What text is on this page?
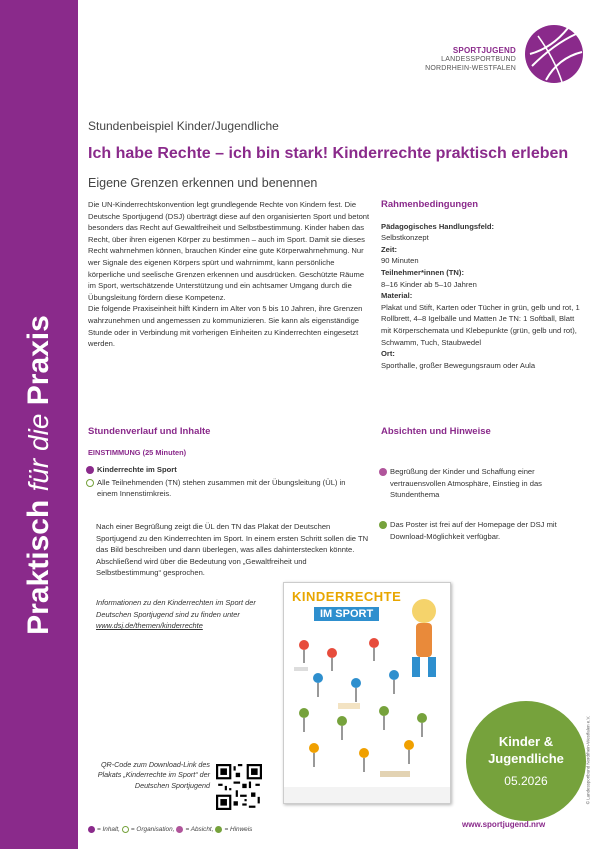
Praktisch für die Praxis
SPORTJUGEND
LANDESSPORTBUND
NORDRHEIN-WESTFALEN
Stundenbeispiel Kinder/Jugendliche
Ich habe Rechte – ich bin stark! Kinderrechte praktisch erleben
Eigene Grenzen erkennen und benennen

Die UN-Kinderrechtskonvention legt grundlegende Rechte von Kindern fest. Die Deutsche Sportjugend (DSJ) überträgt diese auf den organisierten Sport und betont besonders das Recht auf Gewaltfreiheit und Selbstbestimmung. Kinder haben das Recht, über ihren eigenen Körper zu bestimmen – auch im Sport. Damit sie dieses Recht wahrnehmen können, brauchen Kinder eine gute Körperwahrnehmung. Nur wer Signale des eigenen Körpers spürt und wahrnimmt, kann persönliche körperliche und seelische Grenzen erkennen und ausdrücken. Geschützte Räume im Sport, wertschätzende Unterstützung und ein achtsamer Umgang durch die Übungsleitung fördern diese Kompetenz.

Die folgende Praxiseinheit hilft Kindern im Alter von 5 bis 10 Jahren, ihre Grenzen wahrzunehmen und angemessen zu kommunizieren. Sie kann als eigenständige Stunde oder in Verbindung mit vorherigen Einheiten zu Kinderrechten eingesetzt werden.

Rahmenbedingungen
Pädagogisches Handlungsfeld:
Selbstkonzept
Zeit:
90 Minuten
Teilnehmer*innen (TN):
8–16 Kinder ab 5–10 Jahren
Material:
Plakat und Stift, Karten oder Tücher in grün, gelb und rot, 1 Rollbrett, 4–8 Igelbälle und Matten Je TN: 1 Softball, Blatt mit Körperschemata und Klebepunkte (grün, gelb und rot), Schwamm, Tuch, Staubwedel
Ort:
Sporthalle, großer Bewegungsraum oder Aula
Stundenverlauf und Inhalte	Absichten und Hinweise
EINSTIMMUNG (25 Minuten)
Kinderrechte im Sport
Alle Teilnehmenden (TN) stehen zusammen mit der Übungsleitung (ÜL) in einem Innenstirnkreis.
Nach einer Begrüßung zeigt die ÜL den TN das Plakat der Deutschen Sportjugend zu den Kinderrechten im Sport. In einem ersten Schritt sollen die TN das Bild beschreiben und dann überlegen, was alles dahinterstecken könnte. Abschließend wird über die Bedeutung von „Gewaltfreiheit und Selbstbestimmung“ gesprochen.
Informationen zu den Kinderrechten im Sport der Deutschen Sportjugend sind zu finden unter www.dsj.de/themen/kinderrechte
Begrüßung der Kinder und Schaffung einer vertrauensvollen Atmosphäre, Einstieg in das Stundenthema
Das Poster ist frei auf der Homepage der DSJ mit Download-Möglichkeit verfügbar.
KINDERRECHTE
IM SPORT
QR-Code zum Download-Link des Plakats „Kinderrechte im Sport“ der Deutschen Sportjugend
= Inhalt, = Organisation, = Absicht, = Hinweis
Kinder &
Jugendliche
05.2026
www.sportjugend.nrw
© Landessportbund Nordrhein-Westfalen e.V.
